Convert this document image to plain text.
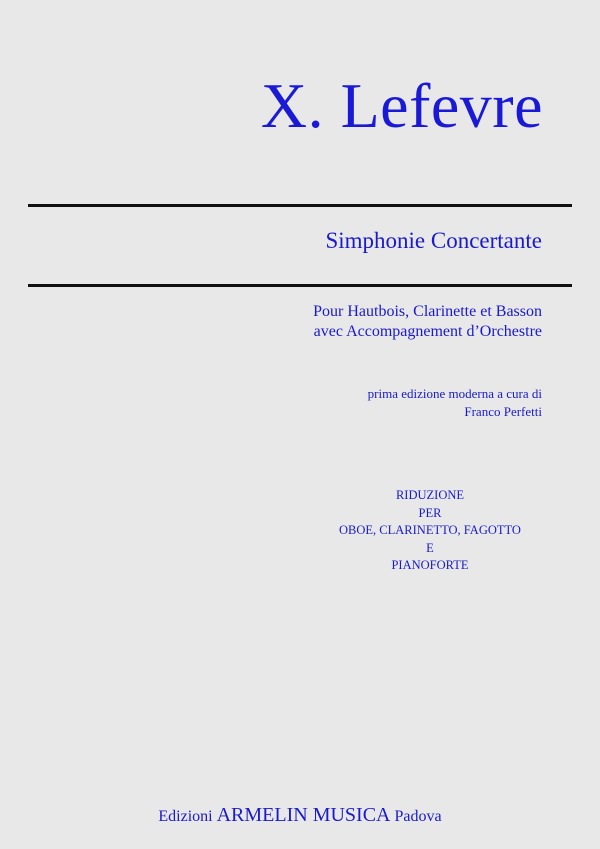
X. Lefevre
Simphonie Concertante
Pour Hautbois, Clarinette et Basson
avec Accompagnement d’Orchestre
prima edizione moderna a cura di
Franco Perfetti
RIDUZIONE
PER
OBOE, CLARINETTO, FAGOTTO
E
PIANOFORTE
Edizioni ARMELIN MUSICA Padova
